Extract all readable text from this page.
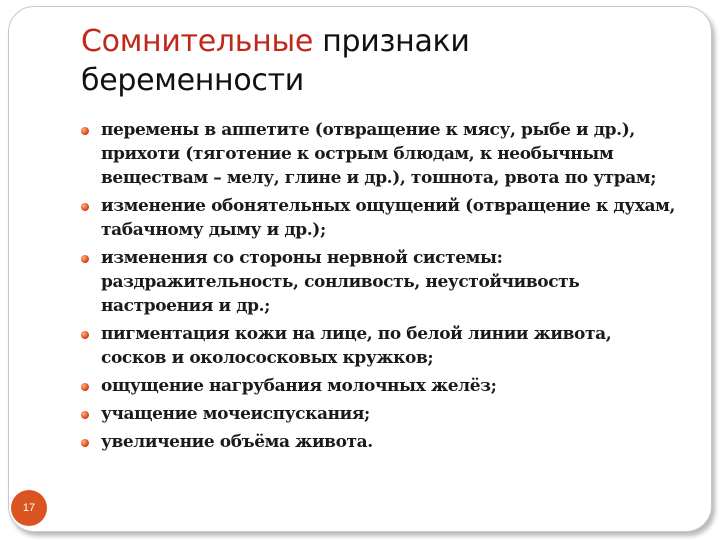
Сомнительные признаки беременности
перемены в аппетите (отвращение к мясу, рыбе и др.), прихоти (тяготение к острым блюдам, к необычным веществам – мелу, глине и др.), тошнота, рвота по утрам;
изменение обонятельных ощущений (отвращение к духам, табачному дыму и др.);
изменения со стороны нервной системы: раздражительность, сонливость, неустойчивость настроения и др.;
пигментация кожи на лице, по белой линии живота, сосков и околососковых кружков;
ощущение нагрубания молочных желёз;
учащение мочеиспускания;
увеличение объёма живота.
17
